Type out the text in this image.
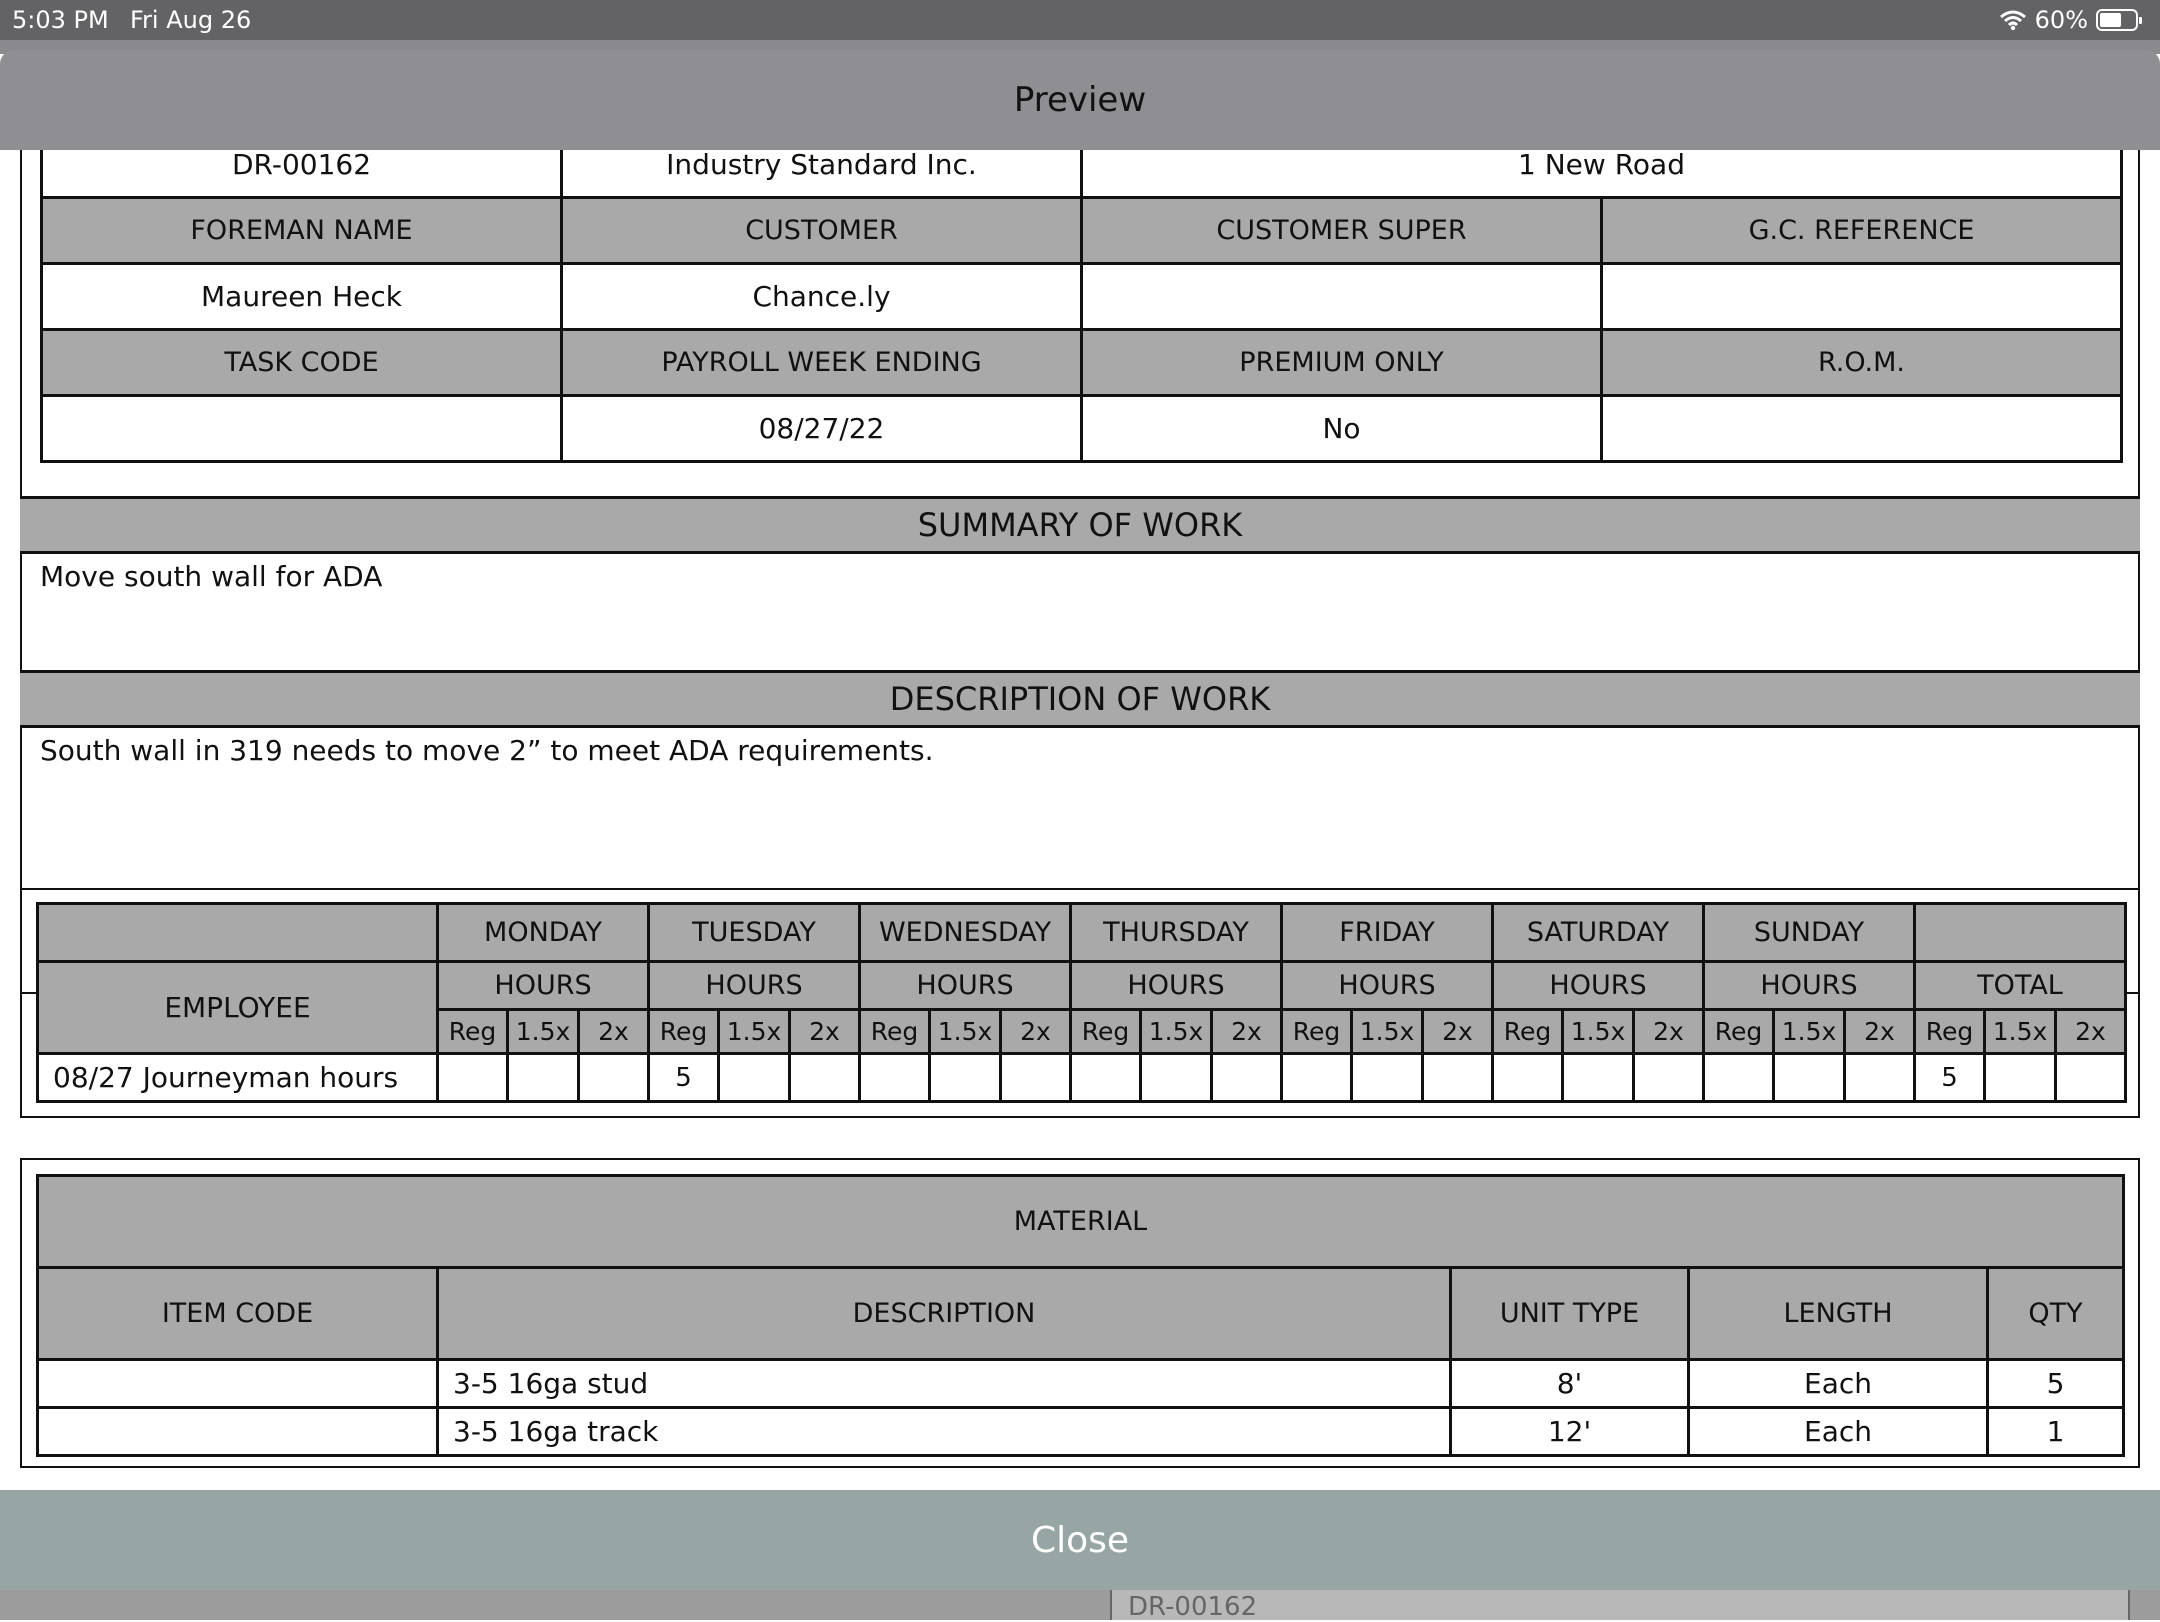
5:03 PM Fri Aug 26	60%
Preview
DR-00162	Industry Standard Inc.	1 New Road	
FOREMAN NAME	CUSTOMER	CUSTOMER SUPER	G.C. REFERENCE
Maureen Heck	Chance.ly		
TASK CODE	PAYROLL WEEK ENDING	PREMIUM ONLY	R.O.M.
	08/27/22	No	
SUMMARY OF WORK
Move south wall for ADA
DESCRIPTION OF WORK
South wall in 319 needs to move 2” to meet ADA requirements.
	MONDAY			TUESDAY			WEDNESDAY			THURSDAY			FRIDAY			SATURDAY			SUNDAY					
EMPLOYEE	HOURS			HOURS			HOURS			HOURS			HOURS			HOURS			HOURS			TOTAL		
	Reg	1.5x	2x	Reg	1.5x	2x	Reg	1.5x	2x	Reg	1.5x	2x	Reg	1.5x	2x	Reg	1.5x	2x	Reg	1.5x	2x	Reg	1.5x	2x
08/27 Journeyman hours				5																		5		
MATERIAL				
ITEM CODE	DESCRIPTION	UNIT TYPE	LENGTH	QTY
	3-5 16ga stud	8'	Each	5
	3-5 16ga track	12'	Each	1
Close
DR-00162
